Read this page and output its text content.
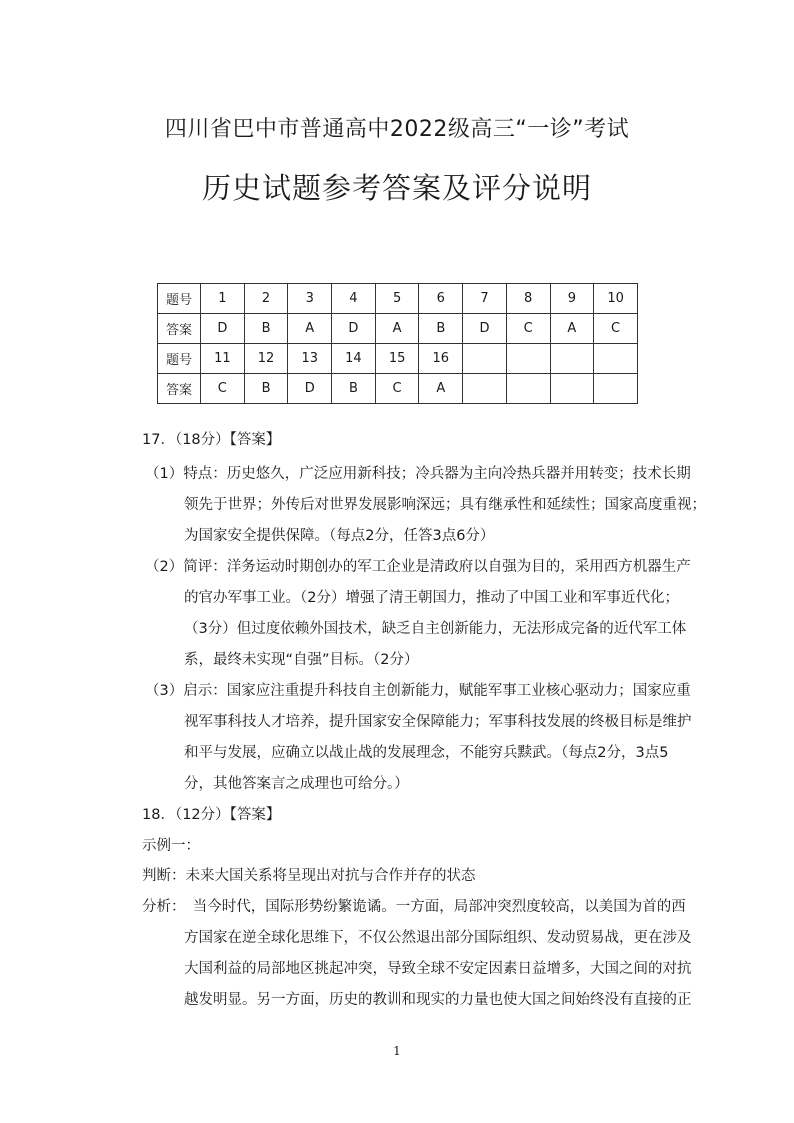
四川省巴中市普通高中2022级高三“一诊”考试
历史试题参考答案及评分说明
题号	1	2	3	4	5	6	7	8	9	10
答案	D	B	A	D	A	B	D	C	A	C
题号	11	12	13	14	15	16				
答案	C	B	D	B	C	A				
17．（18分）【答案】
（1）特点：历史悠久，广泛应用新科技；冷兵器为主向冷热兵器并用转变；技术长期
领先于世界；外传后对世界发展影响深远；具有继承性和延续性；国家高度重视；
为国家安全提供保障。（每点2分，任答3点6分）
（2）简评：洋务运动时期创办的军工企业是清政府以自强为目的，采用西方机器生产
的官办军事工业。（2分）增强了清王朝国力，推动了中国工业和军事近代化；
（3分）但过度依赖外国技术，缺乏自主创新能力，无法形成完备的近代军工体
系，最终未实现“自强”目标。（2分）
（3）启示：国家应注重提升科技自主创新能力，赋能军事工业核心驱动力；国家应重
视军事科技人才培养，提升国家安全保障能力；军事科技发展的终极目标是维护
和平与发展，应确立以战止战的发展理念，不能穷兵黩武。（每点2分，3点5
分，其他答案言之成理也可给分。）
18．（12分）【答案】
示例一：
判断：未来大国关系将呈现出对抗与合作并存的状态
分析：　当今时代，国际形势纷繁诡谲。一方面，局部冲突烈度较高，以美国为首的西
方国家在逆全球化思维下，不仅公然退出部分国际组织、发动贸易战，更在涉及
大国利益的局部地区挑起冲突，导致全球不安定因素日益增多，大国之间的对抗
越发明显。另一方面，历史的教训和现实的力量也使大国之间始终没有直接的正
1
